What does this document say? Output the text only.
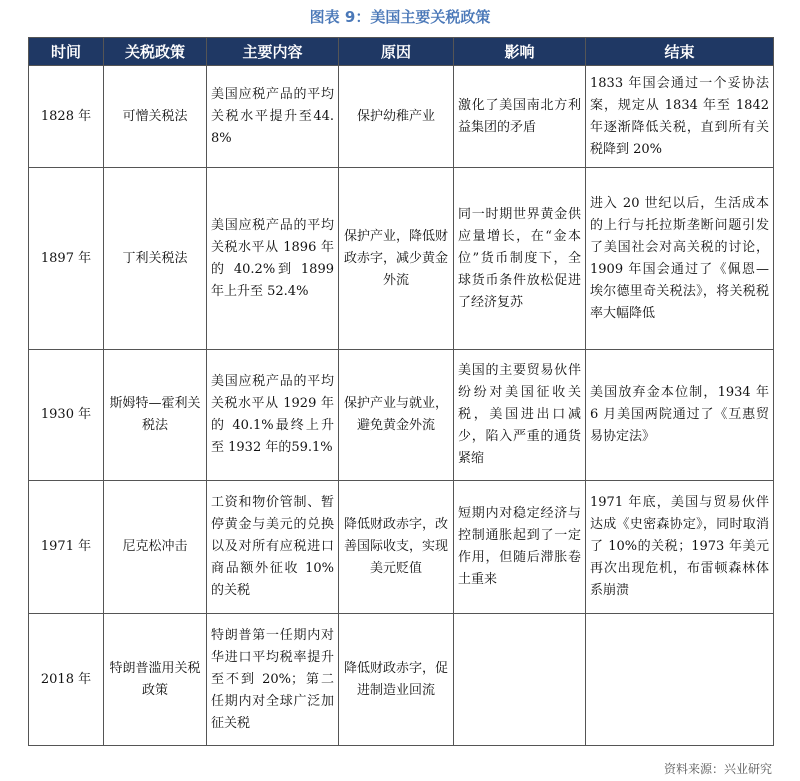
图表 9：美国主要关税政策
时间	关税政策	主要内容	原因	影响	结束
1828 年	可憎关税法	美国应税产品的平均关税水平提升至44.8%	保护幼稚产业	激化了美国南北方利益集团的矛盾	1833 年国会通过一个妥协法案，规定从 1834 年至 1842 年逐渐降低关税，直到所有关税降到 20%
1897 年	丁利关税法	美国应税产品的平均关税水平从 1896 年的 40.2%到 1899 年上升至 52.4%	保护产业，降低财政赤字，减少黄金外流	同一时期世界黄金供应量增长，在“金本位”货币制度下，全球货币条件放松促进了经济复苏	进入 20 世纪以后，生活成本的上行与托拉斯垄断问题引发了美国社会对高关税的讨论， 1909 年国会通过了《佩恩—埃尔德里奇关税法》，将关税税率大幅降低
1930 年	斯姆特—霍利关税法	美国应税产品的平均关税水平从 1929 年的 40.1%最终上升至 1932 年的59.1%	保护产业与就业，避免黄金外流	美国的主要贸易伙伴纷纷对美国征收关税，美国进出口减少，陷入严重的通货紧缩	美国放弃金本位制，1934 年 6 月美国两院通过了《互惠贸易协定法》
1971 年	尼克松冲击	工资和物价管制、暂停黄金与美元的兑换以及对所有应税进口商品额外征收 10%的关税	降低财政赤字，改善国际收支，实现美元贬值	短期内对稳定经济与控制通胀起到了一定作用，但随后滞胀卷土重来	1971 年底，美国与贸易伙伴达成《史密森协定》，同时取消了 10%的关税；1973 年美元再次出现危机，布雷顿森林体系崩溃
2018 年	特朗普滥用关税政策	特朗普第一任期内对华进口平均税率提升至不到 20%；第二任期内对全球广泛加征关税	降低财政赤字，促进制造业回流		
资料来源：兴业研究
